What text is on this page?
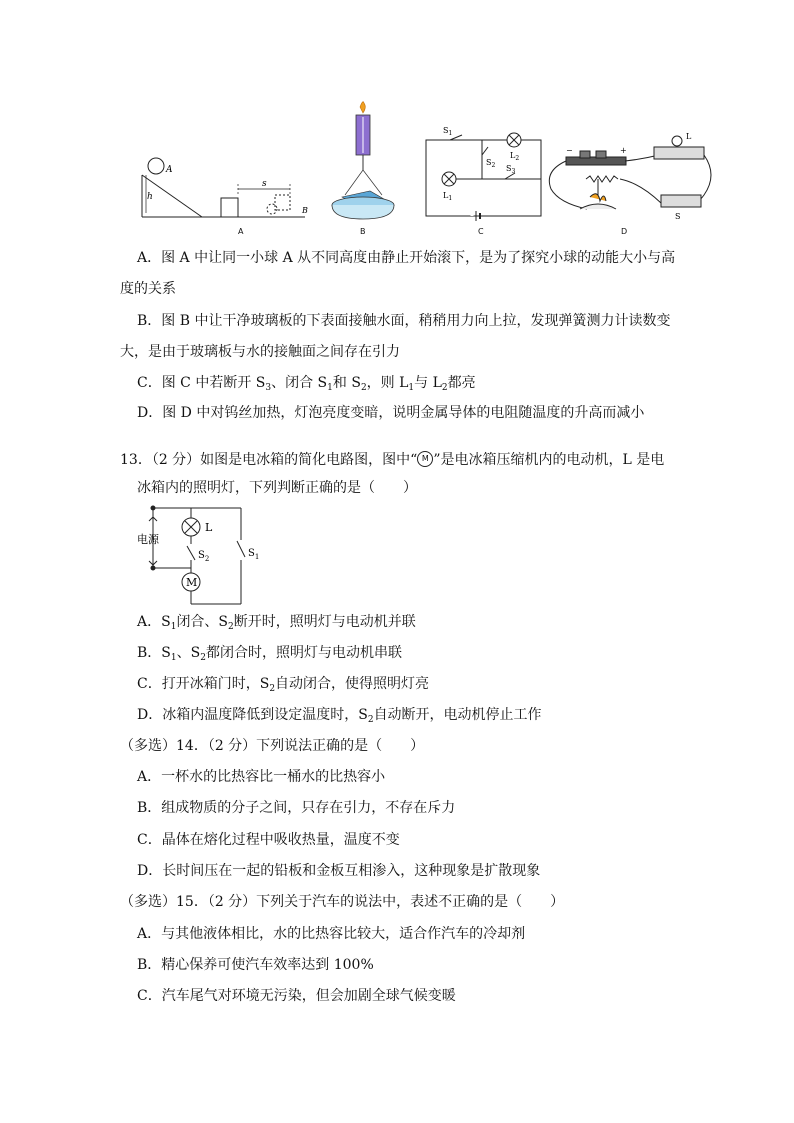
A
h
s
B
$S_1$
$S_2$ $S_3$
$L_1$
$L_2$
−	+
L
S
A	B	C	D
A．图 A 中让同一小球 A 从不同高度由静止开始滚下，是为了探究小球的动能大小与高
度的关系
B．图 B 中让干净玻璃板的下表面接触水面，稍稍用力向上拉，发现弹簧测力计读数变
大，是由于玻璃板与水的接触面之间存在引力
C．图 C 中若断开 $S_3$、闭合 $S_1$和 $S_2$，则 $L_1$与 $L_2$都亮
D．图 D 中对钨丝加热，灯泡亮度变暗，说明金属导体的电阻随温度的升高而减小
13．（2 分）如图是电冰箱的简化电路图，图中“ M ”是电冰箱压缩机内的电动机，L 是电
冰箱内的照明灯，下列判断正确的是（　　）
电源
L
$S_2$	$S_1$
M
A．$S_1$闭合、$S_2$断开时，照明灯与电动机并联
B．$S_1$、$S_2$都闭合时，照明灯与电动机串联
C．打开冰箱门时，$S_2$自动闭合，使得照明灯亮
D．冰箱内温度降低到设定温度时，$S_2$自动断开，电动机停止工作
（多选）14．（2 分）下列说法正确的是（　　）
A．一杯水的比热容比一桶水的比热容小
B．组成物质的分子之间，只存在引力，不存在斥力
C．晶体在熔化过程中吸收热量，温度不变
D．长时间压在一起的铅板和金板互相渗入，这种现象是扩散现象
（多选）15．（2 分）下列关于汽车的说法中，表述不正确的是（　　）
A．与其他液体相比，水的比热容比较大，适合作汽车的冷却剂
B．精心保养可使汽车效率达到 100%
C．汽车尾气对环境无污染，但会加剧全球气候变暖
